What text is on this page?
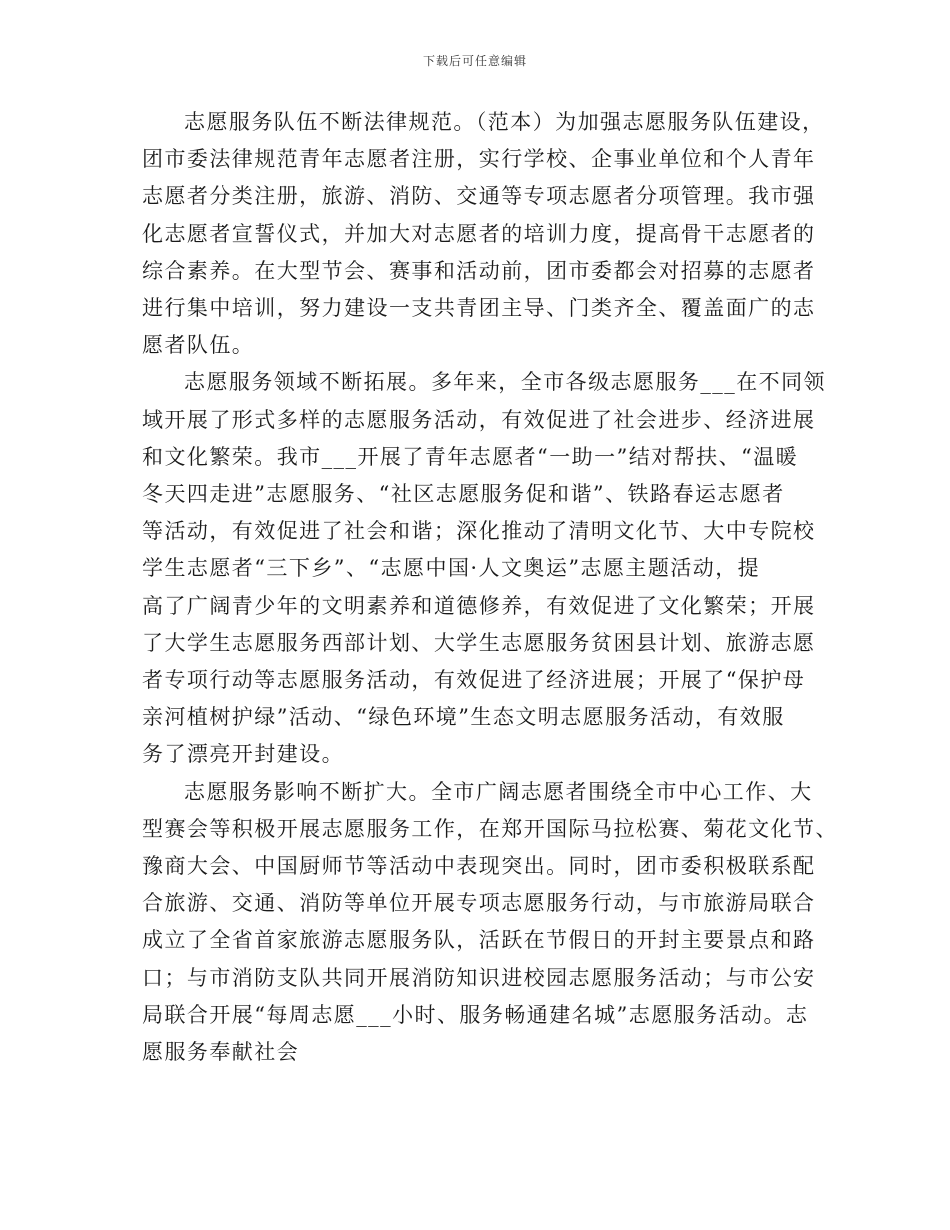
下载后可任意编辑
志愿服务队伍不断法律规范。（范本）为加强志愿服务队伍建设，
团市委法律规范青年志愿者注册，实行学校、企事业单位和个人青年
志愿者分类注册，旅游、消防、交通等专项志愿者分项管理。我市强
化志愿者宣誓仪式，并加大对志愿者的培训力度，提高骨干志愿者的
综合素养。在大型节会、赛事和活动前，团市委都会对招募的志愿者
进行集中培训，努力建设一支共青团主导、门类齐全、覆盖面广的志
愿者队伍。
志愿服务领域不断拓展。多年来，全市各级志愿服务___在不同领
域开展了形式多样的志愿服务活动，有效促进了社会进步、经济进展
和文化繁荣。我市___开展了青年志愿者“一助一”结对帮扶、“温暖
冬天四走进”志愿服务、“社区志愿服务促和谐”、铁路春运志愿者
等活动，有效促进了社会和谐；深化推动了清明文化节、大中专院校
学生志愿者“三下乡”、“志愿中国·人文奥运”志愿主题活动，提
高了广阔青少年的文明素养和道德修养，有效促进了文化繁荣；开展
了大学生志愿服务西部计划、大学生志愿服务贫困县计划、旅游志愿
者专项行动等志愿服务活动，有效促进了经济进展；开展了“保护母
亲河植树护绿”活动、“绿色环境”生态文明志愿服务活动，有效服
务了漂亮开封建设。
志愿服务影响不断扩大。全市广阔志愿者围绕全市中心工作、大
型赛会等积极开展志愿服务工作，在郑开国际马拉松赛、菊花文化节、
豫商大会、中国厨师节等活动中表现突出。同时，团市委积极联系配
合旅游、交通、消防等单位开展专项志愿服务行动，与市旅游局联合
成立了全省首家旅游志愿服务队，活跃在节假日的开封主要景点和路
口；与市消防支队共同开展消防知识进校园志愿服务活动；与市公安
局联合开展“每周志愿___小时、服务畅通建名城”志愿服务活动。志
愿服务奉献社会
